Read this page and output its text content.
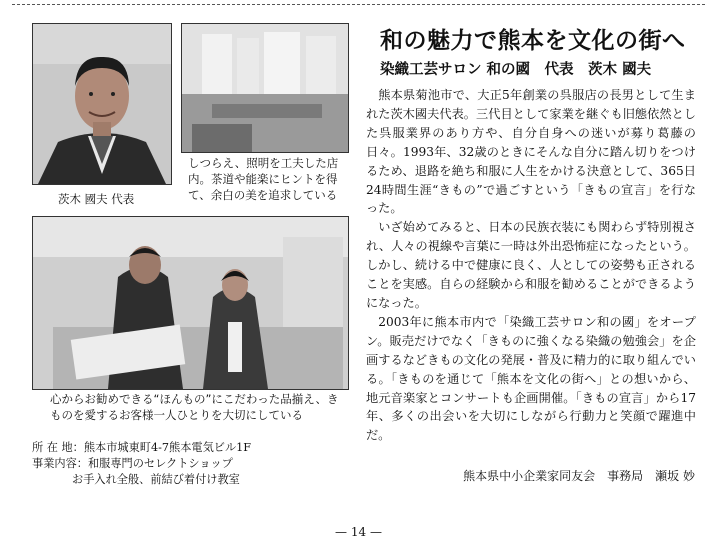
茨木 國夫 代表
しつらえ、照明を工夫した店内。茶道や能楽にヒントを得て、余白の美を追求している
心からお勧めできる“ほんもの”にこだわった品揃え、きものを愛するお客様一人ひとりを大切にしている
所 在 地：熊本市城東町4-7熊本電気ビル1F
事業内容：和服専門のセレクトショップ
お手入れ全般、前結び着付け教室
和の魅力で熊本を文化の街へ
染織工芸サロン 和の國　代表　茨木 國夫

熊本県菊池市で、大正5年創業の呉服店の長男として生まれた茨木國夫代表。三代目として家業を継ぐも旧態依然とした呉服業界のあり方や、自分自身への迷いが募り葛藤の日々。1993年、32歳のときにそんな自分に踏ん切りをつけるため、退路を絶ち和服に人生をかける決意として、365日24時間生涯“きもの”で過ごすという「きもの宣言」を行なった。

いざ始めてみると、日本の民族衣装にも関わらず特別視され、人々の視線や言葉に一時は外出恐怖症になったという。しかし、続ける中で健康に良く、人としての姿勢も正されることを実感。自らの経験から和服を勧めることができるようになった。

2003年に熊本市内で「染織工芸サロン和の國」をオープン。販売だけでなく「きものに強くなる染織の勉強会」を企画するなどきもの文化の発展・普及に精力的に取り組んでいる。「きものを通じて「熊本を文化の街へ」との想いから、地元音楽家とコンサートも企画開催。「きもの宣言」から17年、多くの出会いを大切にしながら行動力と笑顔で躍進中だ。

熊本県中小企業家同友会　事務局　瀬坂 妙
— 14 —
